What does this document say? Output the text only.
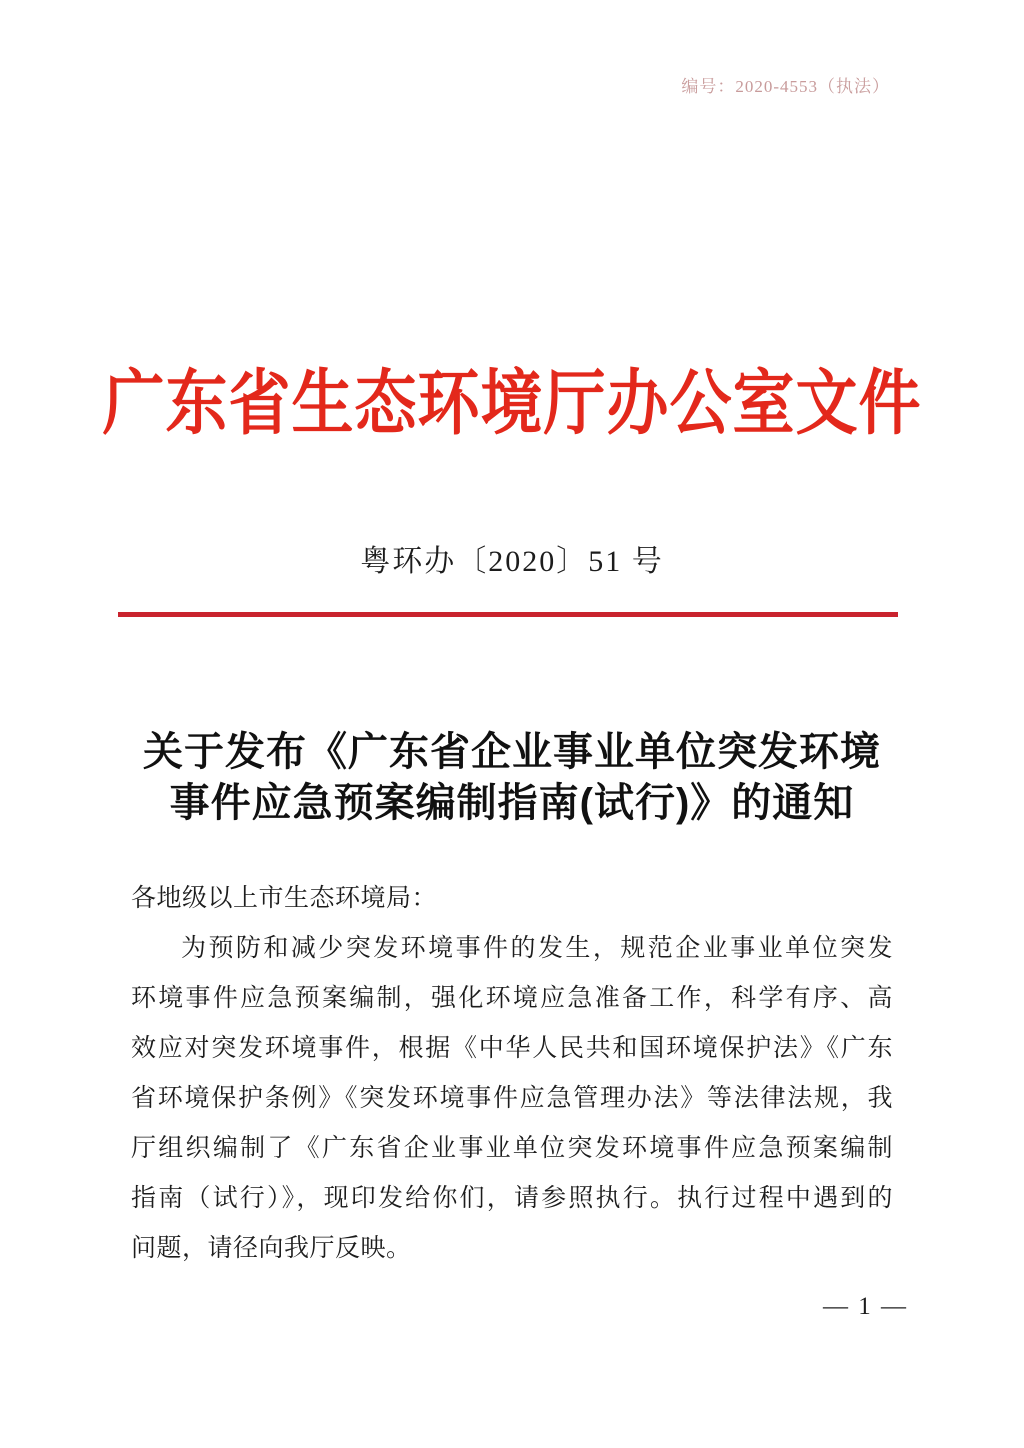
编号：2020-4553（执法）
广东省生态环境厅办公室文件
粤环办〔2020〕51 号
关于发布《广东省企业事业单位突发环境
事件应急预案编制指南(试行)》的通知
各地级以上市生态环境局：
为预防和减少突发环境事件的发生，规范企业事业单位突发
环境事件应急预案编制，强化环境应急准备工作，科学有序、高
效应对突发环境事件，根据《中华人民共和国环境保护法》《广东
省环境保护条例》《突发环境事件应急管理办法》等法律法规，我
厅组织编制了《广东省企业事业单位突发环境事件应急预案编制
指南（试行）》，现印发给你们，请参照执行。执行过程中遇到的
问题，请径向我厅反映。
— 1 —
